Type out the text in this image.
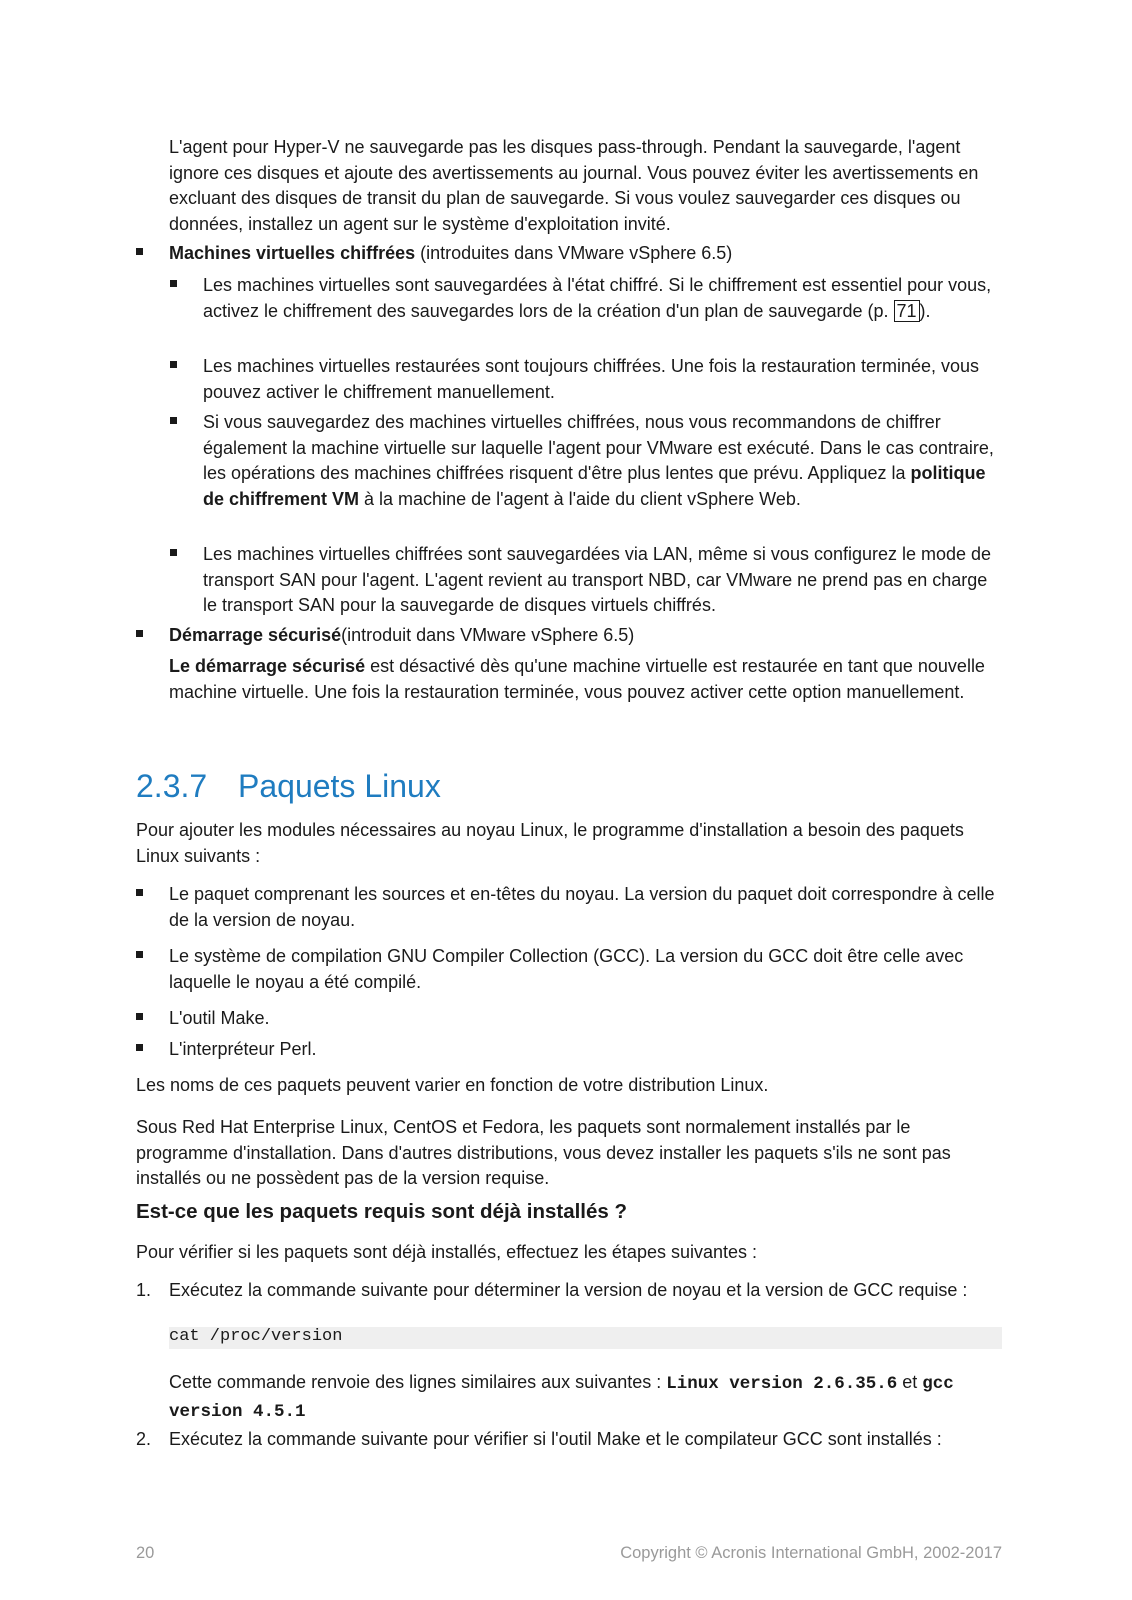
L'agent pour Hyper-V ne sauvegarde pas les disques pass-through. Pendant la sauvegarde, l'agent ignore ces disques et ajoute des avertissements au journal. Vous pouvez éviter les avertissements en excluant des disques de transit du plan de sauvegarde. Si vous voulez sauvegarder ces disques ou données, installez un agent sur le système d'exploitation invité.

Machines virtuelles chiffrées (introduites dans VMware vSphere 6.5)

Les machines virtuelles sont sauvegardées à l'état chiffré. Si le chiffrement est essentiel pour vous, activez le chiffrement des sauvegardes lors de la création d'un plan de sauvegarde (p. 71 ).

Les machines virtuelles restaurées sont toujours chiffrées. Une fois la restauration terminée, vous pouvez activer le chiffrement manuellement.

Si vous sauvegardez des machines virtuelles chiffrées, nous vous recommandons de chiffrer également la machine virtuelle sur laquelle l'agent pour VMware est exécuté. Dans le cas contraire, les opérations des machines chiffrées risquent d'être plus lentes que prévu. Appliquez la politique de chiffrement VM à la machine de l'agent à l'aide du client vSphere Web.

Les machines virtuelles chiffrées sont sauvegardées via LAN, même si vous configurez le mode de transport SAN pour l'agent. L'agent revient au transport NBD, car VMware ne prend pas en charge le transport SAN pour la sauvegarde de disques virtuels chiffrés.

Démarrage sécurisé(introduit dans VMware vSphere 6.5)

Le démarrage sécurisé est désactivé dès qu'une machine virtuelle est restaurée en tant que nouvelle machine virtuelle. Une fois la restauration terminée, vous pouvez activer cette option manuellement.

2.3.7 Paquets Linux

Pour ajouter les modules nécessaires au noyau Linux, le programme d'installation a besoin des paquets Linux suivants :

Le paquet comprenant les sources et en-têtes du noyau. La version du paquet doit correspondre à celle de la version de noyau.

Le système de compilation GNU Compiler Collection (GCC). La version du GCC doit être celle avec laquelle le noyau a été compilé.

L'outil Make.

L'interpréteur Perl.

Les noms de ces paquets peuvent varier en fonction de votre distribution Linux.

Sous Red Hat Enterprise Linux, CentOS et Fedora, les paquets sont normalement installés par le programme d'installation. Dans d'autres distributions, vous devez installer les paquets s'ils ne sont pas installés ou ne possèdent pas de la version requise.

Est-ce que les paquets requis sont déjà installés ?

Pour vérifier si les paquets sont déjà installés, effectuez les étapes suivantes :

1. Exécutez la commande suivante pour déterminer la version de noyau et la version de GCC requise :

cat /proc/version

Cette commande renvoie des lignes similaires aux suivantes : Linux version 2.6.35.6 et gcc version 4.5.1

2. Exécutez la commande suivante pour vérifier si l'outil Make et le compilateur GCC sont installés :

20	Copyright © Acronis International GmbH, 2002-2017
